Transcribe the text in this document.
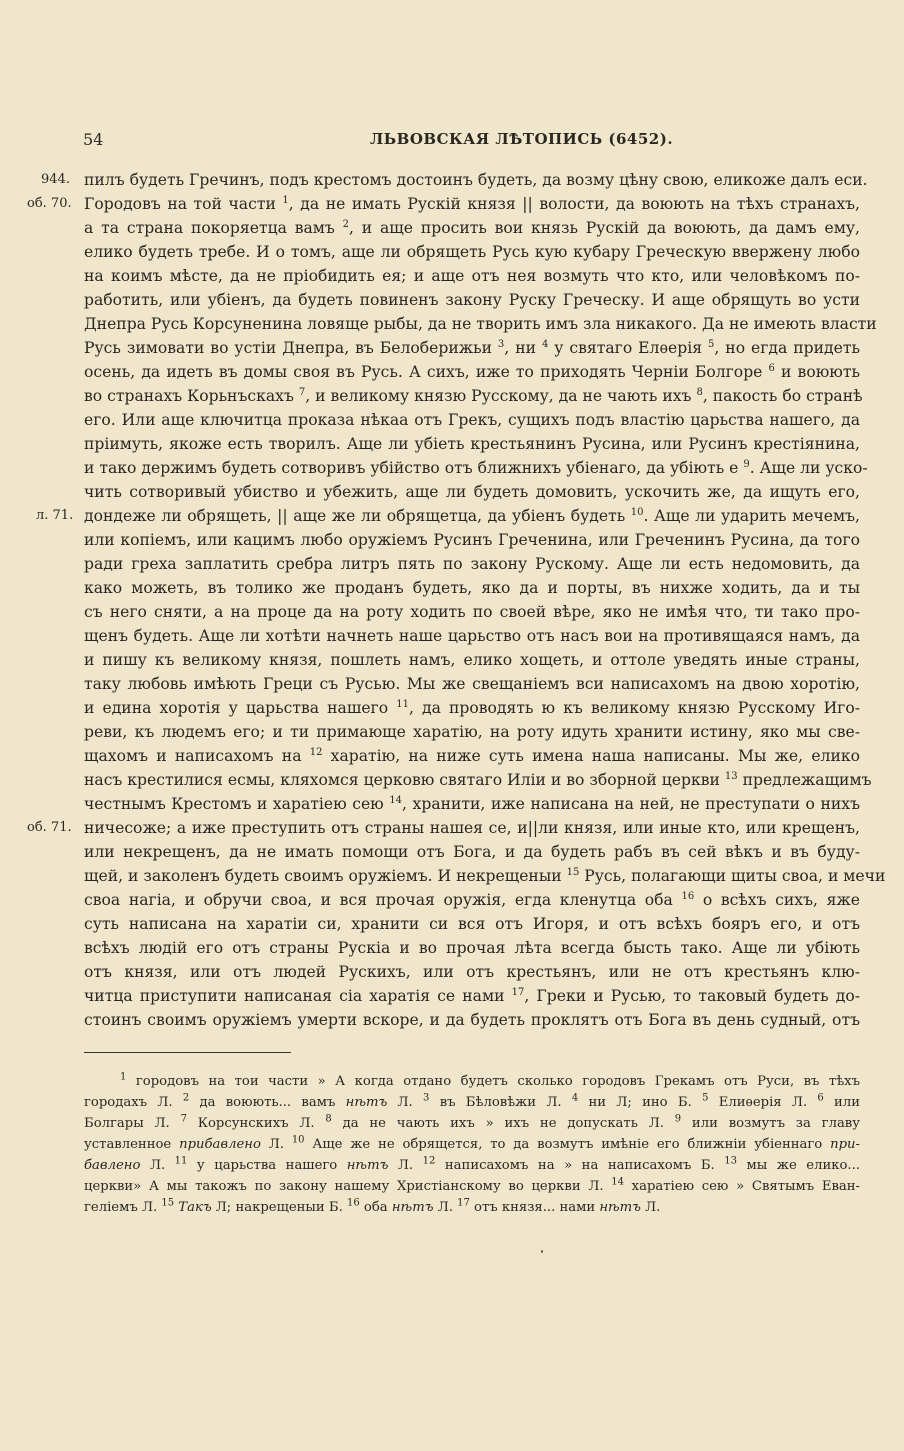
54	ЛЬВОВСКАЯ ЛѢТОПИСЬ (6452).
944.
об. 70.
л. 71.
об. 71.
пилъ будеть Гречинъ, подъ крестомъ достоинъ будеть, да возму цѣну свою, еликоже далъ еси.
Городовъ на той части $^1$, да не имать Рускій князя || волости, да воюють на тѣхъ странахъ,
а та страна покоряетца вамъ $^2$, и аще просить вои князь Рускій да воюють, да дамъ ему,
елико будеть требе. И о томъ, аще ли обрящеть Русь кую кубару Греческую ввержену любо
на коимъ мѣсте, да не пріобидить ея; и аще отъ нея возмуть что кто, или человѣкомъ по-
работить, или убіенъ, да будеть повиненъ закону Руску Греческу. И аще обрящуть во усти
Днепра Русь Корсуненина ловяще рыбы, да не творить имъ зла никакого. Да не имеють власти
Русь зимовати во устіи Днепра, въ Белоберижьи $^3$, ни $^4$ у святаго Елѳерія $^5$, но егда придеть
осень, да идеть въ домы своя въ Русь. А сихъ, иже то приходять Черніи Болгоре $^6$ и воюють
во странахъ Корьнъскахъ $^7$, и великому князю Русскому, да не чають ихъ $^8$, пакость бо странѣ
его. Или аще ключитца проказа нѣкаа отъ Грекъ, сущихъ подъ властію царьства нашего, да
пріимуть, якоже есть творилъ. Аще ли убіеть крестьянинъ Русина, или Русинъ крестіянина,
и тако держимъ будеть сотворивъ убійство отъ ближнихъ убіенаго, да убіють е $^9$. Аще ли уско-
чить сотворивый убиство и убежить, аще ли будеть домовить, ускочить же, да ищуть его,
дондеже ли обрящеть, || аще же ли обрящетца, да убіенъ будеть $^{10}$. Аще ли ударить мечемъ,
или копіемъ, или кацимъ любо оружіемъ Русинъ Греченина, или Греченинъ Русина, да того
ради греха заплатить сребра литръ пять по закону Рускому. Аще ли есть недомовить, да
како можеть, въ толико же проданъ будеть, яко да и порты, въ нихже ходить, да и ты
съ него сняти, а на проце да на роту ходить по своей вѣре, яко не имѣя что, ти тако про-
щенъ будеть. Аще ли хотѣти начнеть наше царьство отъ насъ вои на противящаяся намъ, да
и пишу къ великому князя, пошлеть намъ, елико хощеть, и оттоле уведять иные страны,
таку любовь имѣють Греци съ Русью. Мы же свещаніемъ вси написахомъ на двою хоротію,
и едина хоротія у царьства нашего $^{11}$, да проводять ю къ великому князю Русскому Иго-
реви, къ людемъ его; и ти примающе харатію, на роту идуть хранити истину, яко мы све-
щахомъ и написахомъ на $^{12}$ харатію, на ниже суть имена наша написаны. Мы же, елико
насъ крестилися есмы, кляхомся церковю святаго Иліи и во зборной церкви $^{13}$ предлежащимъ
честнымъ Крестомъ и харатіею сею $^{14}$, хранити, иже написана на ней, не преступати о нихъ
ничесоже; а иже преступить отъ страны нашея се, и||ли князя, или иные кто, или крещенъ,
или некрещенъ, да не имать помощи отъ Бога, и да будеть рабъ въ сей вѣкъ и въ буду-
щей, и заколенъ будеть своимъ оружіемъ. И некрещеныи $^{15}$ Русь, полагающи щиты своа, и мечи
своа нагіа, и обручи своа, и вся прочая оружія, егда кленутца оба $^{16}$ о всѣхъ сихъ, яже
суть написана на харатіи си, хранити си вся отъ Игоря, и отъ всѣхъ бояръ его, и отъ
всѣхъ людій его отъ страны Рускіа и во прочая лѣта всегда бысть тако. Аще ли убіють
отъ князя, или отъ людей Рускихъ, или отъ крестьянъ, или не отъ крестьянъ клю-
читца приступити написаная сіа харатія се нами $^{17}$, Греки и Русью, то таковый будеть до-
стоинъ своимъ оружіемъ умерти вскоре, и да будеть проклятъ отъ Бога въ день судный, отъ
$^1$ городовъ на тои части » А когда отдано будетъ сколько городовъ Грекамъ отъ Руси, въ тѣхъ
городахъ Л. $^2$ да воюють... вамъ нѣтъ Л. $^3$ въ Бѣловѣжи Л. $^4$ ни Л; ино Б. $^5$ Елиѳерія Л. $^6$ или
Болгары Л. $^7$ Корсунскихъ Л. $^8$ да не чають ихъ » ихъ не допускать Л. $^9$ или возмутъ за главу
уставленное прибавлено Л. $^{10}$ Аще же не обрящется, то да возмутъ имѣніе его ближніи убіеннаго при-
бавлено Л. $^{11}$ у царьства нашего нѣтъ Л. $^{12}$ написахомъ на » на написахомъ Б. $^{13}$ мы же елико...
церкви» А мы такожъ по закону нашему Христіанскому во церкви Л. $^{14}$ харатіею сею » Святымъ Еван-
геліемъ Л. $^{15}$ Такъ Л; накрещеныи Б. $^{16}$ оба нѣтъ Л. $^{17}$ отъ князя... нами нѣтъ Л.
